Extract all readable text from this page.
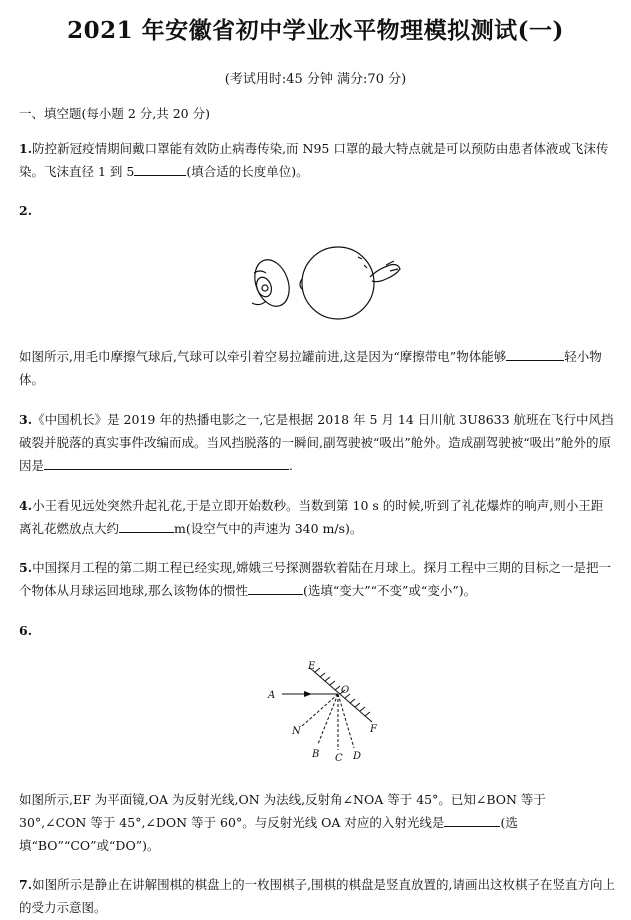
2021 年安徽省初中学业水平物理模拟测试(一)
(考试用时:45 分钟 满分:70 分)
一、填空题(每小题 2 分,共 20 分)
1.防控新冠疫情期间戴口罩能有效防止病毒传染,而 N95 口罩的最大特点就是可以预防由患者体液或飞沫传染。飞沫直径 1 到 5	(填合适的长度单位)。
2.
如图所示,用毛巾摩擦气球后,气球可以牵引着空易拉罐前进,这是因为“摩擦带电”物体能够	轻小物体。
3.《中国机长》是 2019 年的热播电影之一,它是根据 2018 年 5 月 14 日川航 3U8633 航班在飞行中风挡破裂并脱落的真实事件改编而成。当风挡脱落的一瞬间,副驾驶被“吸出”舱外。造成副驾驶被“吸出”舱外的原因是	.
4.小王看见远处突然升起礼花,于是立即开始数秒。当数到第 10 s 的时候,听到了礼花爆炸的响声,则小王距离礼花燃放点大约	m(设空气中的声速为 340 m/s)。
5.中国探月工程的第二期工程已经实现,嫦娥三号探测器软着陆在月球上。探月工程中三期的目标之一是把一个物体从月球运回地球,那么该物体的惯性	(选填“变大”“不变”或“变小”)。
6.
E
A	O
N	F
B C D
如图所示,EF 为平面镜,OA 为反射光线,ON 为法线,反射角∠NOA 等于 45°。已知∠BON 等于 30°,∠CON 等于 45°,∠DON 等于 60°。与反射光线 OA 对应的入射光线是	(选填“BO”“CO”或“DO”)。
7.如图所示是静止在讲解围棋的棋盘上的一枚围棋子,围棋的棋盘是竖直放置的,请画出这枚棋子在竖直方向上的受力示意图。
